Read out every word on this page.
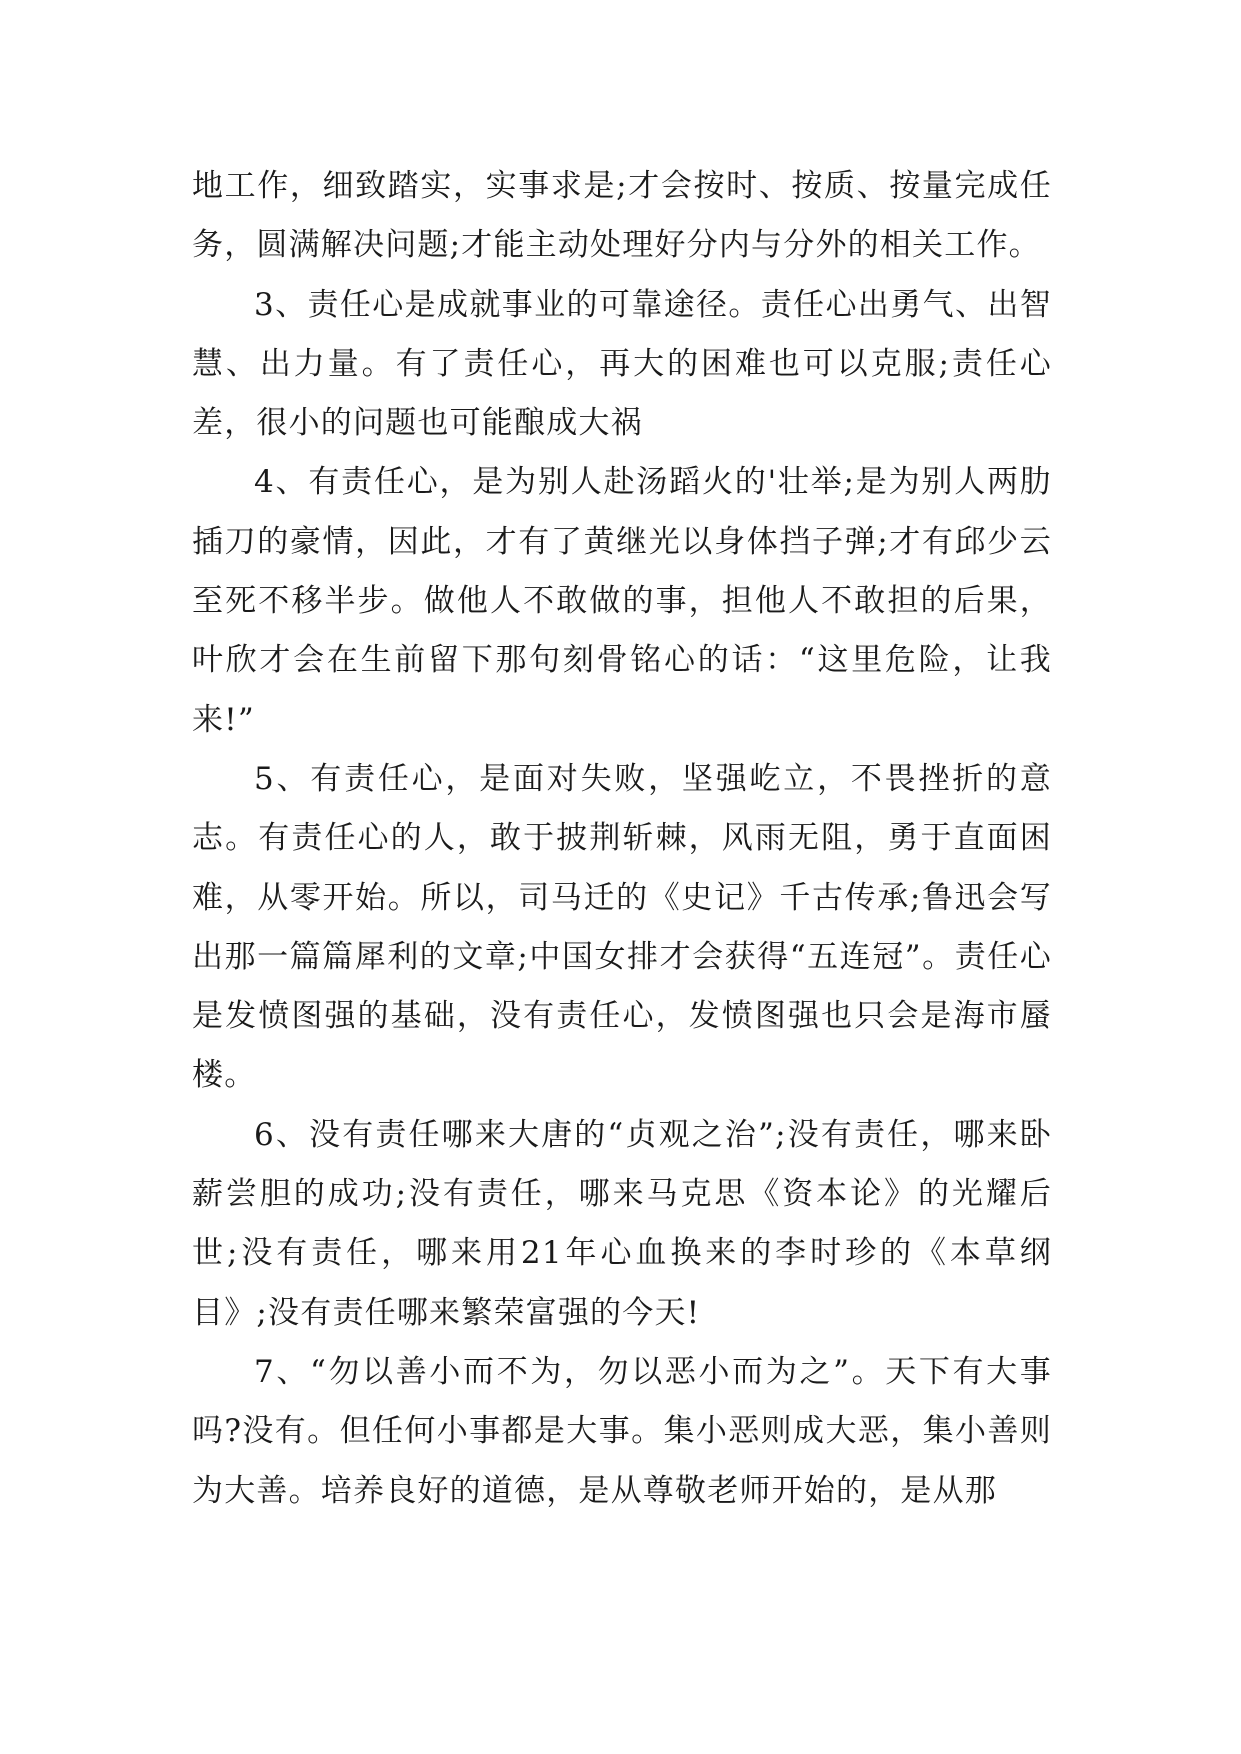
地工作，细致踏实，实事求是;才会按时、按质、按量完成任务，圆满解决问题;才能主动处理好分内与分外的相关工作。

3、责任心是成就事业的可靠途径。责任心出勇气、出智慧、出力量。有了责任心，再大的困难也可以克服;责任心差，很小的问题也可能酿成大祸

4、有责任心，是为别人赴汤蹈火的'壮举;是为别人两肋插刀的豪情，因此，才有了黄继光以身体挡子弹;才有邱少云至死不移半步。做他人不敢做的事，担他人不敢担的后果，叶欣才会在生前留下那句刻骨铭心的话：“这里危险，让我来!”

5、有责任心，是面对失败，坚强屹立，不畏挫折的意志。有责任心的人，敢于披荆斩棘，风雨无阻，勇于直面困难，从零开始。所以，司马迁的《史记》千古传承;鲁迅会写出那一篇篇犀利的文章;中国女排才会获得“五连冠”。责任心是发愤图强的基础，没有责任心，发愤图强也只会是海市蜃楼。

6、没有责任哪来大唐的“贞观之治”;没有责任，哪来卧薪尝胆的成功;没有责任，哪来马克思《资本论》的光耀后世;没有责任，哪来用21年心血换来的李时珍的《本草纲目》;没有责任哪来繁荣富强的今天!

7、“勿以善小而不为，勿以恶小而为之”。天下有大事吗?没有。但任何小事都是大事。集小恶则成大恶，集小善则为大善。培养良好的道德，是从尊敬老师开始的，是从那
